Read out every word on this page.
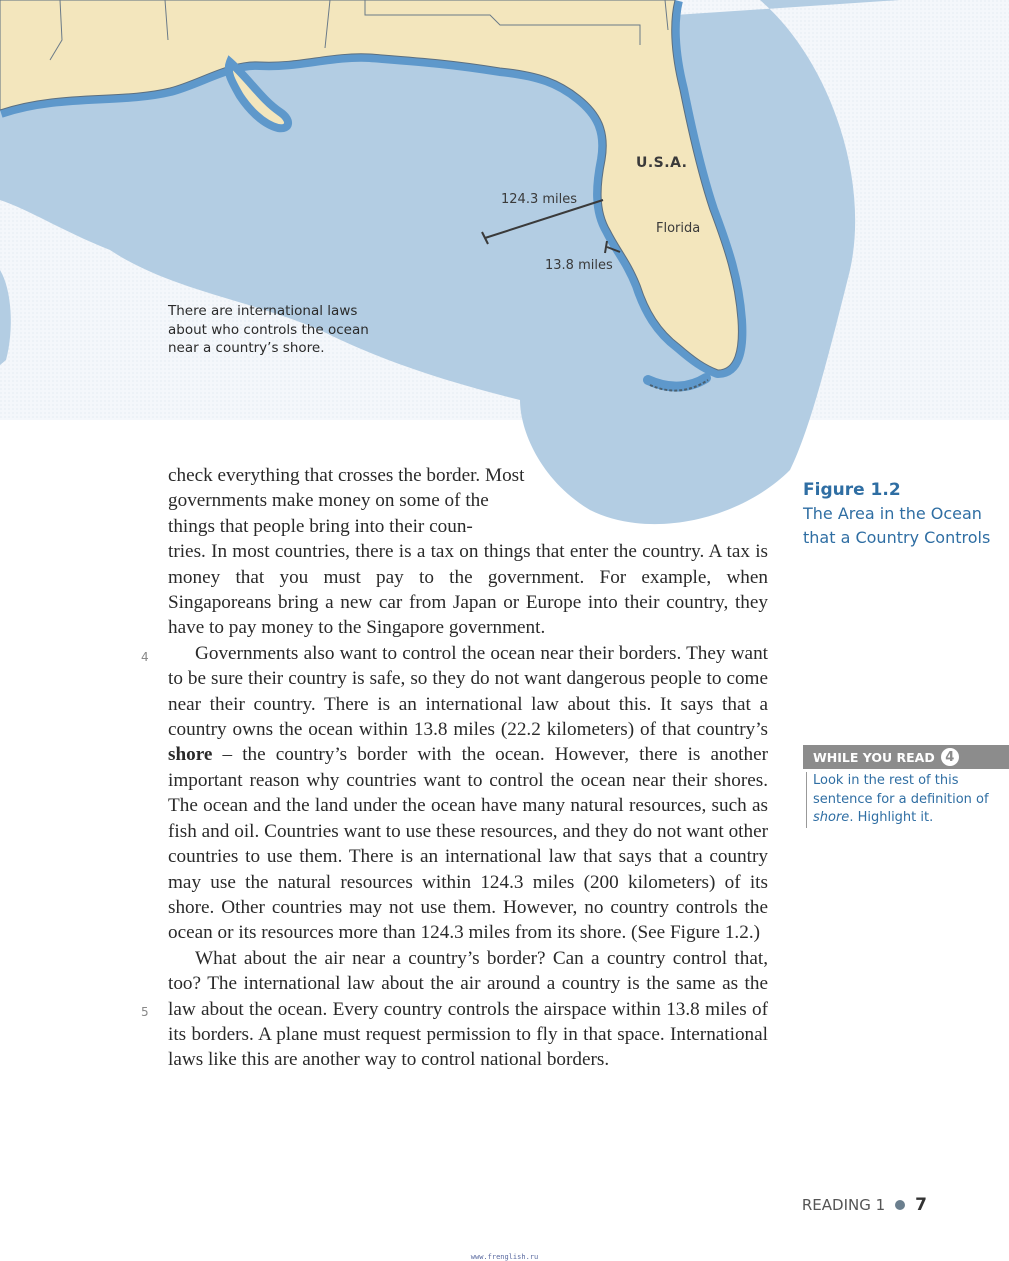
U.S.A.
Florida
124.3 miles
13.8 miles
There are international laws about who controls the ocean near a country’s shore.

check everything that crosses the border. Most governments make money on some of the things that people bring into their coun-

tries. In most countries, there is a tax on things that enter the country. A tax is money that you must pay to the government. For example, when Singaporeans bring a new car from Japan or Europe into their country, they have to pay money to the Singapore government.

Governments also want to control the ocean near their borders. They want to be sure their country is safe, so they do not want dangerous people to come near their country. There is an international law about this. It says that a country owns the ocean within 13.8 miles (22.2 kilometers) of that country’s shore – the country’s border with the ocean. However, there is another important reason why countries want to control the ocean near their shores. The ocean and the land under the ocean have many natural resources, such as fish and oil. Countries want to use these resources, and they do not want other countries to use them. There is an international law that says that a country may use the natural resources within 124.3 miles (200 kilometers) of its shore. Other countries may not use them. However, no country controls the ocean or its resources more than 124.3 miles from its shore. (See Figure 1.2.)

What about the air near a country’s border? Can a country control that, too? The international law about the air around a country is the same as the law about the ocean. Every country controls the airspace within 13.8 miles of its borders. A plane must request permission to fly in that space. International laws like this are another way to control national borders.

4
5
Figure 1.2
The Area in the Ocean that a Country Controls
WHILE YOU READ 4
Look in the rest of this sentence for a definition of shore. Highlight it.
READING 1 7
www.frenglish.ru
